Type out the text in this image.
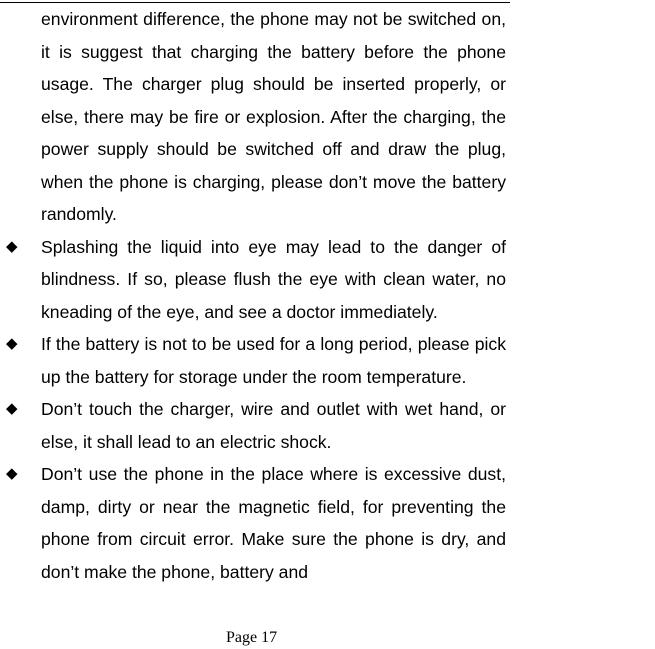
environment difference, the phone may not be switched on, it is suggest that charging the battery before the phone usage. The charger plug should be inserted properly, or else, there may be fire or explosion. After the charging, the power supply should be switched off and draw the plug, when the phone is charging, please don’t move the battery randomly.

◆ Splashing the liquid into eye may lead to the danger of blindness. If so, please flush the eye with clean water, no kneading of the eye, and see a doctor immediately.

◆ If the battery is not to be used for a long period, please pick up the battery for storage under the room temperature.

◆ Don’t touch the charger, wire and outlet with wet hand, or else, it shall lead to an electric shock.

◆ Don’t use the phone in the place where is excessive dust, damp, dirty or near the magnetic field, for preventing the phone from circuit error. Make sure the phone is dry, and don’t make the phone, battery and

Page 17
